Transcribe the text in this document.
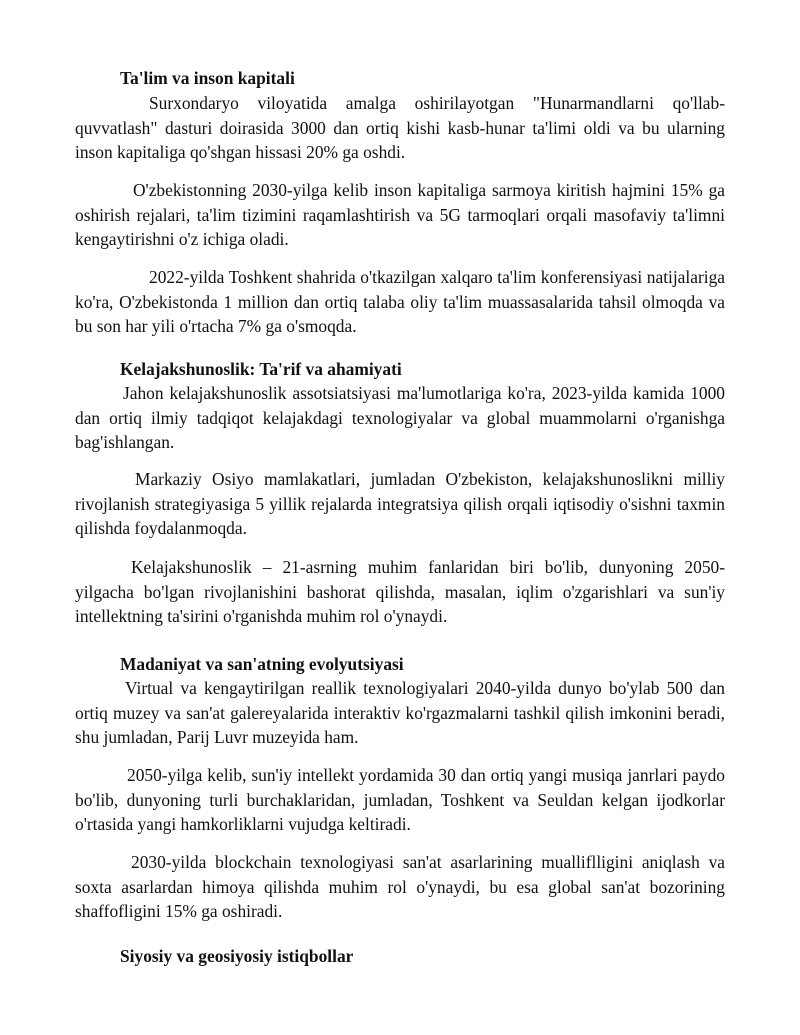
Ta'lim va inson kapitali

Surxondaryo viloyatida amalga oshirilayotgan "Hunarmandlarni qo'llab-quvvatlash" dasturi doirasida 3000 dan ortiq kishi kasb-hunar ta'limi oldi va bu ularning inson kapitaliga qo'shgan hissasi 20% ga oshdi.

O'zbekistonning 2030-yilga kelib inson kapitaliga sarmoya kiritish hajmini 15% ga oshirish rejalari, ta'lim tizimini raqamlashtirish va 5G tarmoqlari orqali masofaviy ta'limni kengaytirishni o'z ichiga oladi.

2022-yilda Toshkent shahrida o'tkazilgan xalqaro ta'lim konferensiyasi natijalariga ko'ra, O'zbekistonda 1 million dan ortiq talaba oliy ta'lim muassasalarida tahsil olmoqda va bu son har yili o'rtacha 7% ga o'smoqda.

Kelajakshunoslik: Ta'rif va ahamiyati

Jahon kelajakshunoslik assotsiatsiyasi ma'lumotlariga ko'ra, 2023-yilda kamida 1000 dan ortiq ilmiy tadqiqot kelajakdagi texnologiyalar va global muammolarni o'rganishga bag'ishlangan.

Markaziy Osiyo mamlakatlari, jumladan O'zbekiston, kelajakshunoslikni milliy rivojlanish strategiyasiga 5 yillik rejalarda integratsiya qilish orqali iqtisodiy o'sishni taxmin qilishda foydalanmoqda.

Kelajakshunoslik – 21-asrning muhim fanlaridan biri bo'lib, dunyoning 2050-yilgacha bo'lgan rivojlanishini bashorat qilishda, masalan, iqlim o'zgarishlari va sun'iy intellektning ta'sirini o'rganishda muhim rol o'ynaydi.

Madaniyat va san'atning evolyutsiyasi

Virtual va kengaytirilgan reallik texnologiyalari 2040-yilda dunyo bo'ylab 500 dan ortiq muzey va san'at galereyalarida interaktiv ko'rgazmalarni tashkil qilish imkonini beradi, shu jumladan, Parij Luvr muzeyida ham.

2050-yilga kelib, sun'iy intellekt yordamida 30 dan ortiq yangi musiqa janrlari paydo bo'lib, dunyoning turli burchaklaridan, jumladan, Toshkent va Seuldan kelgan ijodkorlar o'rtasida yangi hamkorliklarni vujudga keltiradi.

2030-yilda blockchain texnologiyasi san'at asarlarining mualliflligini aniqlash va soxta asarlardan himoya qilishda muhim rol o'ynaydi, bu esa global san'at bozorining shaffofligini 15% ga oshiradi.

Siyosiy va geosiyosiy istiqbollar
